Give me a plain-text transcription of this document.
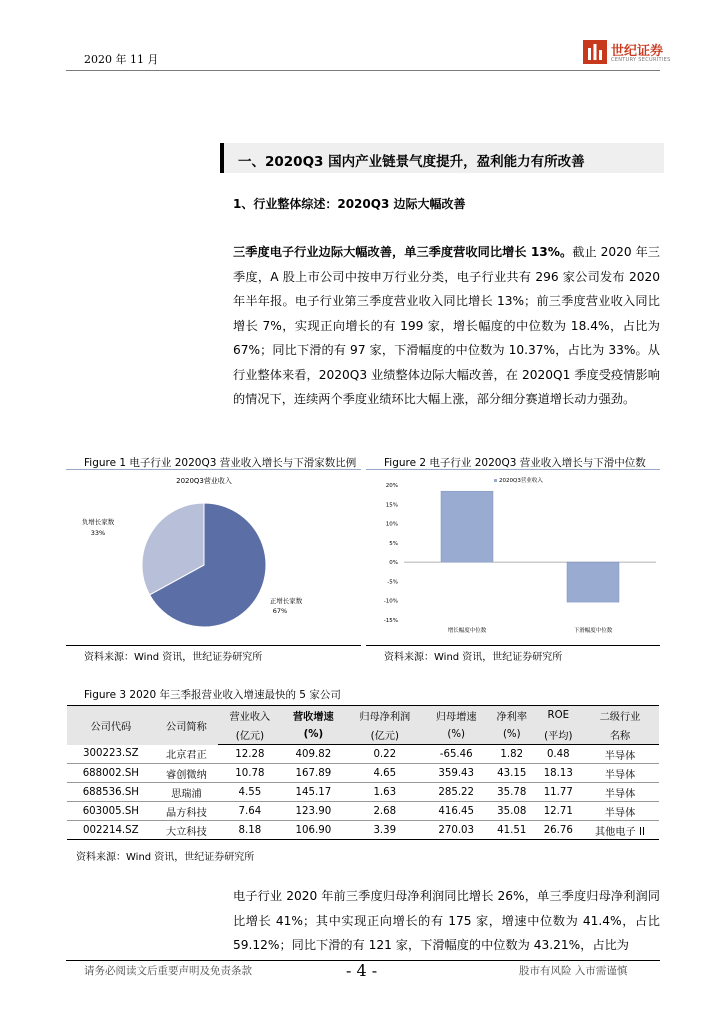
2020 年 11 月
世纪证券
CENTURY SECURITIES
一、2020Q3 国内产业链景气度提升，盈利能力有所改善
1、行业整体综述：2020Q3 边际大幅改善
三季度电子行业边际大幅改善，单三季度营收同比增长 13%。截止 2020 年三季度，A 股上市公司中按申万行业分类，电子行业共有 296 家公司发布 2020 年半年报。电子行业第三季度营业收入同比增长 13%；前三季度营业收入同比增长 7%，实现正向增长的有 199 家，增长幅度的中位数为 18.4%，占比为 67%；同比下滑的有 97 家，下滑幅度的中位数为 10.37%，占比为 33%。从行业整体来看，2020Q3 业绩整体边际大幅改善，在 2020Q1 季度受疫情影响的情况下，连续两个季度业绩环比大幅上涨，部分细分赛道增长动力强劲。
Figure 1 电子行业 2020Q3 营业收入增长与下滑家数比例
2020Q3营业收入
负增长家数
33%
正增长家数
67%
资料来源：Wind 资讯，世纪证券研究所
Figure 2 电子行业 2020Q3 营业收入增长与下滑中位数
20%
15%
10%
5%
0%
-5%
-10%
-15%
2020Q3营业收入
增长幅度中位数	下滑幅度中位数
资料来源：Wind 资讯，世纪证券研究所
Figure 3 2020 年三季报营业收入增速最快的 5 家公司
公司代码	公司简称	营业收入	营收增速	归母净利润	归母增速	净利率	ROE	二级行业
		(亿元)	(%)	(亿元)	(%)	(%)	(平均)	名称
300223.SZ	北京君正	12.28	409.82	0.22	-65.46	1.82	0.48	半导体
688002.SH	睿创微纳	10.78	167.89	4.65	359.43	43.15	18.13	半导体
688536.SH	思瑞浦	4.55	145.17	1.63	285.22	35.78	11.77	半导体
603005.SH	晶方科技	7.64	123.90	2.68	416.45	35.08	12.71	半导体
002214.SZ	大立科技	8.18	106.90	3.39	270.03	41.51	26.76	其他电子 II
资料来源：Wind 资讯，世纪证券研究所
电子行业 2020 年前三季度归母净利润同比增长 26%，单三季度归母净利润同比增长 41%；其中实现正向增长的有 175 家，增速中位数为 41.4%，占比 59.12%；同比下滑的有 121 家，下滑幅度的中位数为 43.21%，占比为
请务必阅读文后重要声明及免责条款	- 4 -	股市有风险 入市需谨慎
